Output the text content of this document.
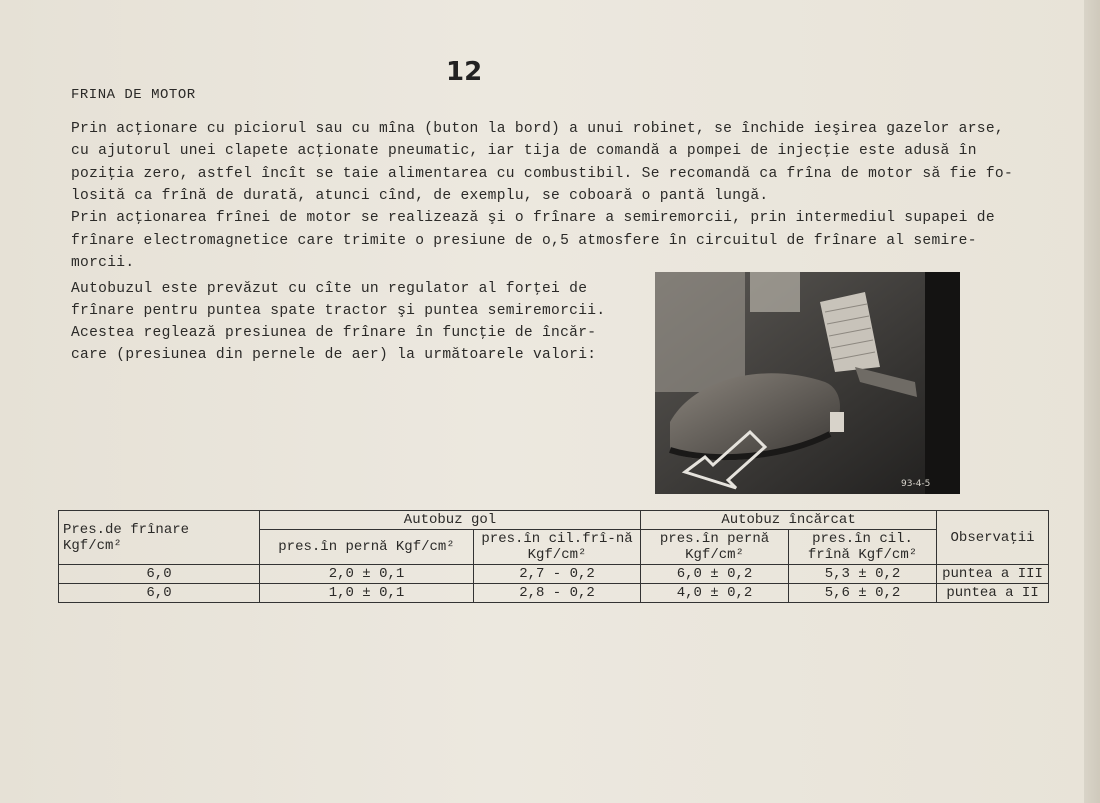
12
FRINA DE MOTOR

Prin acţionare cu piciorul sau cu mîna (buton la bord) a unui robinet, se închide ieşirea gazelor arse,

cu ajutorul unei clapete acţionate pneumatic, iar tija de comandă a pompei de injecţie este adusă în

poziţia zero, astfel încît se taie alimentarea cu combustibil. Se recomandă ca frîna de motor să fie fo-

losită ca frînă de durată, atunci cînd, de exemplu, se coboară o pantă lungă.

Prin acţionarea frînei de motor se realizează şi o frînare a semiremorcii, prin intermediul supapei de

frînare electromagnetice care trimite o presiune de o,5 atmosfere în circuitul de frînare al semire-

morcii.

Autobuzul este prevăzut cu cîte un regulator al forţei de

frînare pentru puntea spate tractor şi puntea semiremorcii.

Acestea reglează presiunea de frînare în funcţie de încăr-

care (presiunea din pernele de aer) la următoarele valori:

93-4-5
Pres.de frînare Kgf/cm²	Autobuz gol		Autobuz încărcat		Observaţii
	pres.în pernă Kgf/cm²	pres.în cil.frî-nă Kgf/cm²	pres.în pernă Kgf/cm²	pres.în cil. frînă Kgf/cm²	
6,0	2,0 ± 0,1	2,7 - 0,2	6,0 ± 0,2	5,3 ± 0,2	puntea a III
6,0	1,0 ± 0,1	2,8 - 0,2	4,0 ± 0,2	5,6 ± 0,2	puntea a II
